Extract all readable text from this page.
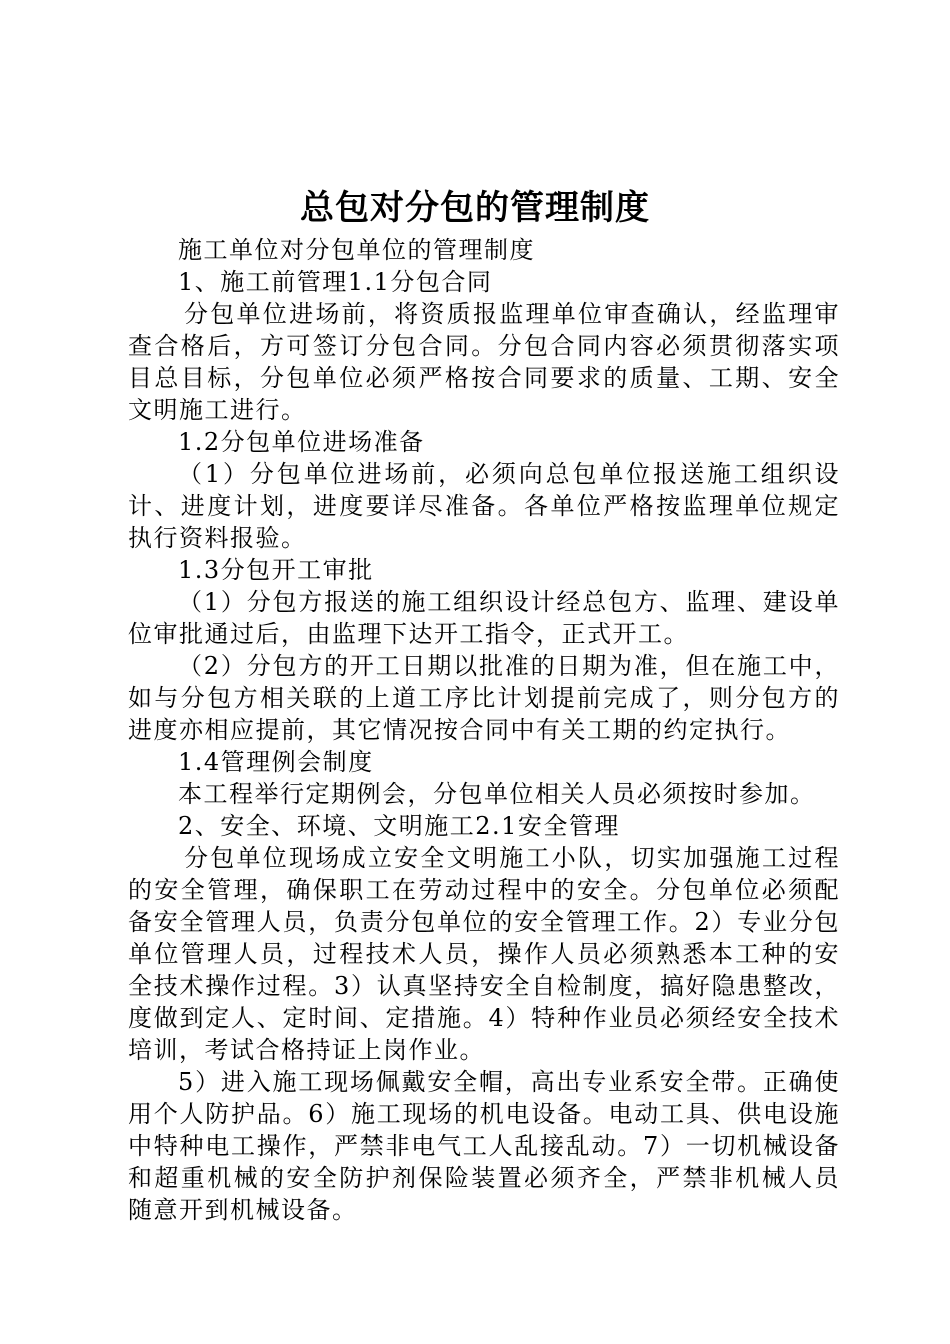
总包对分包的管理制度

施工单位对分包单位的管理制度

1、施工前管理1.1分包合同

分包单位进场前，将资质报监理单位审查确认，经监理审查合格后，方可签订分包合同。分包合同内容必须贯彻落实项目总目标，分包单位必须严格按合同要求的质量、工期、安全文明施工进行。

1.2分包单位进场准备

（1）分包单位进场前，必须向总包单位报送施工组织设计、进度计划，进度要详尽准备。各单位严格按监理单位规定执行资料报验。

1.3分包开工审批

（1）分包方报送的施工组织设计经总包方、监理、建设单位审批通过后，由监理下达开工指令，正式开工。

（2）分包方的开工日期以批准的日期为准，但在施工中，如与分包方相关联的上道工序比计划提前完成了，则分包方的进度亦相应提前，其它情况按合同中有关工期的约定执行。

1.4管理例会制度

本工程举行定期例会，分包单位相关人员必须按时参加。

2、安全、环境、文明施工2.1安全管理

分包单位现场成立安全文明施工小队，切实加强施工过程的安全管理，确保职工在劳动过程中的安全。分包单位必须配备安全管理人员，负责分包单位的安全管理工作。2）专业分包单位管理人员，过程技术人员，操作人员必须熟悉本工种的安全技术操作过程。3）认真坚持安全自检制度，搞好隐患整改，度做到定人、定时间、定措施。4）特种作业员必须经安全技术培训，考试合格持证上岗作业。

5）进入施工现场佩戴安全帽，高出专业系安全带。正确使用个人防护品。6）施工现场的机电设备。电动工具、供电设施中特种电工操作，严禁非电气工人乱接乱动。7）一切机械设备和超重机械的安全防护剂保险装置必须齐全，严禁非机械人员随意开到机械设备。
